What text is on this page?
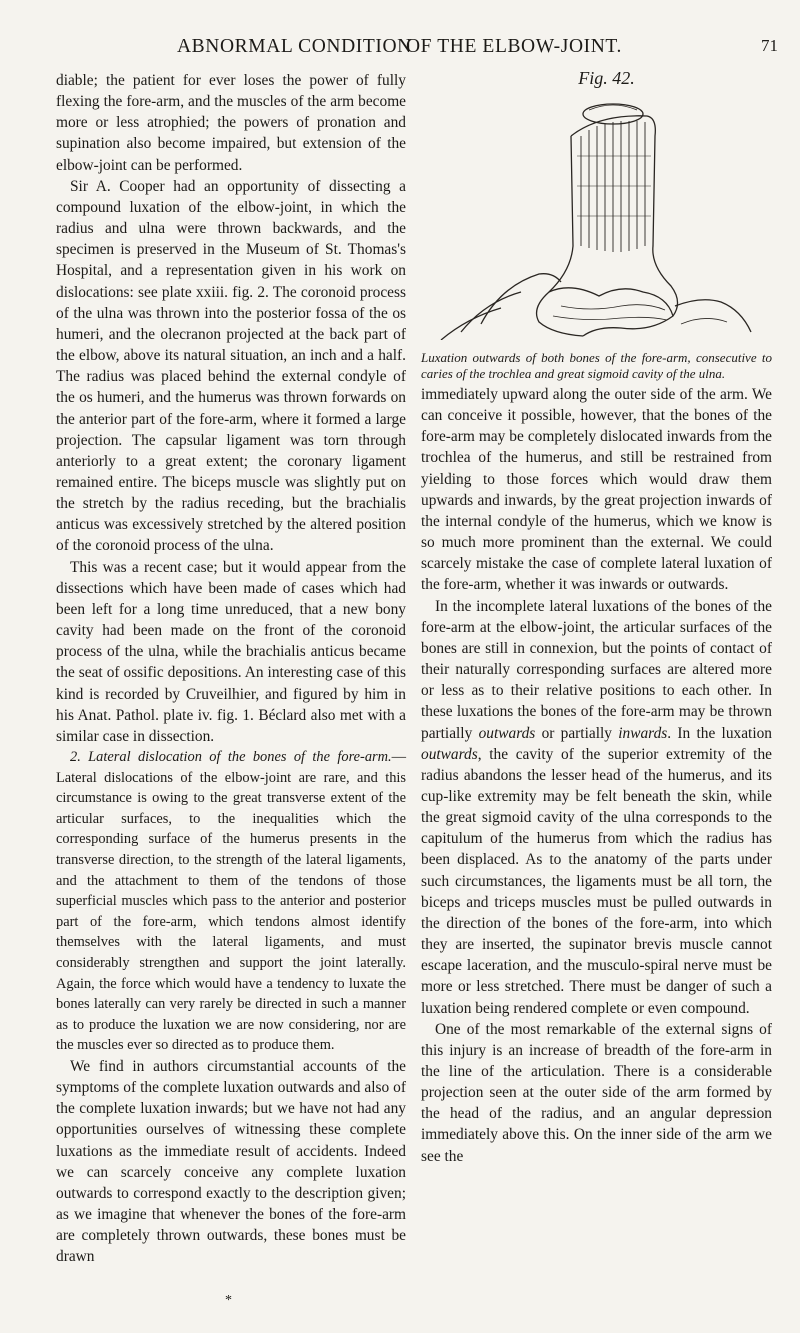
ABNORMAL CONDITION
OF THE ELBOW-JOINT.	71

diable; the patient for ever loses the power of fully flexing the fore-arm, and the muscles of the arm become more or less atrophied; the powers of pronation and supination also become impaired, but extension of the elbow-joint can be performed.

Sir A. Cooper had an opportunity of dissecting a compound luxation of the elbow-joint, in which the radius and ulna were thrown backwards, and the specimen is preserved in the Museum of St. Thomas's Hospital, and a representation given in his work on dislocations: see plate xxiii. fig. 2. The coronoid process of the ulna was thrown into the posterior fossa of the os humeri, and the olecranon projected at the back part of the elbow, above its natural situation, an inch and a half. The radius was placed behind the external condyle of the os humeri, and the humerus was thrown forwards on the anterior part of the fore-arm, where it formed a large projection. The capsular ligament was torn through anteriorly to a great extent; the coronary ligament remained entire. The biceps muscle was slightly put on the stretch by the radius receding, but the brachialis anticus was excessively stretched by the altered position of the coronoid process of the ulna.

This was a recent case; but it would appear from the dissections which have been made of cases which had been left for a long time unreduced, that a new bony cavity had been made on the front of the coronoid process of the ulna, while the brachialis anticus became the seat of ossific depositions. An interesting case of this kind is recorded by Cruveilhier, and figured by him in his Anat. Pathol. plate iv. fig. 1. Béclard also met with a similar case in dissection.

2. Lateral dislocation of the bones of the fore-arm.—Lateral dislocations of the elbow-joint are rare, and this circumstance is owing to the great transverse extent of the articular surfaces, to the inequalities which the corresponding surface of the humerus presents in the transverse direction, to the strength of the lateral ligaments, and the attachment to them of the tendons of those superficial muscles which pass to the anterior and posterior part of the fore-arm, which tendons almost identify themselves with the lateral ligaments, and must considerably strengthen and support the joint laterally. Again, the force which would have a tendency to luxate the bones laterally can very rarely be directed in such a manner as to produce the luxation we are now considering, nor are the muscles ever so directed as to produce them.

We find in authors circumstantial accounts of the symptoms of the complete luxation outwards and also of the complete luxation inwards; but we have not had any opportunities ourselves of witnessing these complete luxations as the immediate result of accidents. Indeed we can scarcely conceive any complete luxation outwards to correspond exactly to the description given; as we imagine that whenever the bones of the fore-arm are completely thrown outwards, these bones must be drawn

Fig. 42.
Luxation outwards of both bones of the fore-arm, consecutive to caries of the trochlea and great sigmoid cavity of the ulna.

immediately upward along the outer side of the arm. We can conceive it possible, however, that the bones of the fore-arm may be completely dislocated inwards from the trochlea of the humerus, and still be restrained from yielding to those forces which would draw them upwards and inwards, by the great projection inwards of the internal condyle of the humerus, which we know is so much more prominent than the external. We could scarcely mistake the case of complete lateral luxation of the fore-arm, whether it was inwards or outwards.

In the incomplete lateral luxations of the bones of the fore-arm at the elbow-joint, the articular surfaces of the bones are still in connexion, but the points of contact of their naturally corresponding surfaces are altered more or less as to their relative positions to each other. In these luxations the bones of the fore-arm may be thrown partially outwards or partially inwards. In the luxation outwards, the cavity of the superior extremity of the radius abandons the lesser head of the humerus, and its cup-like extremity may be felt beneath the skin, while the great sigmoid cavity of the ulna corresponds to the capitulum of the humerus from which the radius has been displaced. As to the anatomy of the parts under such circumstances, the ligaments must be all torn, the biceps and triceps muscles must be pulled outwards in the direction of the bones of the fore-arm, into which they are inserted, the supinator brevis muscle cannot escape laceration, and the musculo-spiral nerve must be more or less stretched. There must be danger of such a luxation being rendered complete or even compound.

One of the most remarkable of the external signs of this injury is an increase of breadth of the fore-arm in the line of the articulation. There is a considerable projection seen at the outer side of the arm formed by the head of the radius, and an angular depression immediately above this. On the inner side of the arm we see the

*
